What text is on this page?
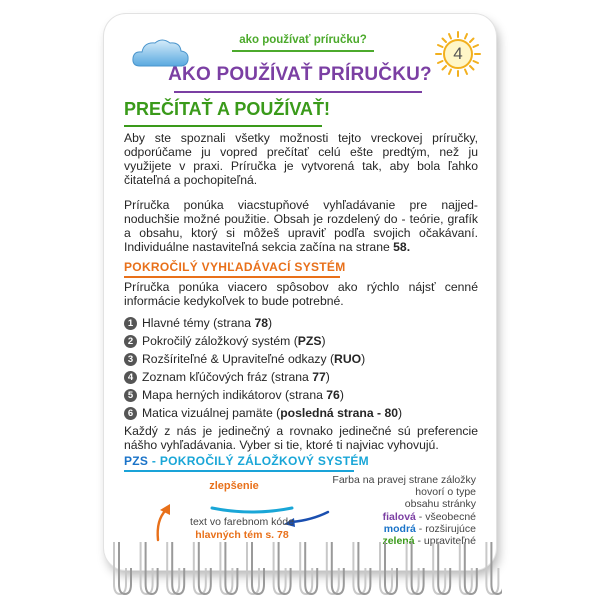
ako používať príručku?
4
AKO POUŽÍVAŤ PRÍRUČKU?
PREČÍTAŤ A POUŽÍVAŤ!
Aby ste spoznali všetky možnosti tejto vreckovej príručky, odporúčame ju vopred prečítať celú ešte predtým, než ju využijete v praxi. Príručka je vytvorená tak, aby bola ľahko čitateľná a pochopiteľná.
Príručka ponúka viacstupňové vyhľadávanie pre najjed-noduchšie možné použitie. Obsah je rozdelený do - teórie, grafík a obsahu, ktorý si môžeš upraviť podľa svojich očakávaní. Individuálne nastaviteľná sekcia začína na strane 58.
POKROČILÝ VYHĽADÁVACÍ SYSTÉM
Príručka ponúka viacero spôsobov ako rýchlo nájsť cenné informácie kedykoľvek to bude potrebné.
1 Hlavné témy (strana 78)
2 Pokročilý záložkový systém (PZS)
3 Rozšíriteľné & Upraviteľné odkazy (RUO)
4 Zoznam kľúčových fráz (strana 77)
5 Mapa herných indikátorov (strana 76)
6 Matica vizuálnej pamäte (posledná strana - 80)
Každý z nás je jedinečný a rovnako jedinečné sú preferencie nášho vyhľadávania. Vyber si tie, ktoré ti najviac vyhovujú.
PZS - POKROČILÝ ZÁLOŽKOVÝ SYSTÉM
zlepšenie
text vo farebnom kóde
hlavných tém s. 78
Farba na pravej strane záložky
hovorí o type
obsahu stránky
fialová - všeobecné
modrá - rozširujúce
zelená - upraviteľné
